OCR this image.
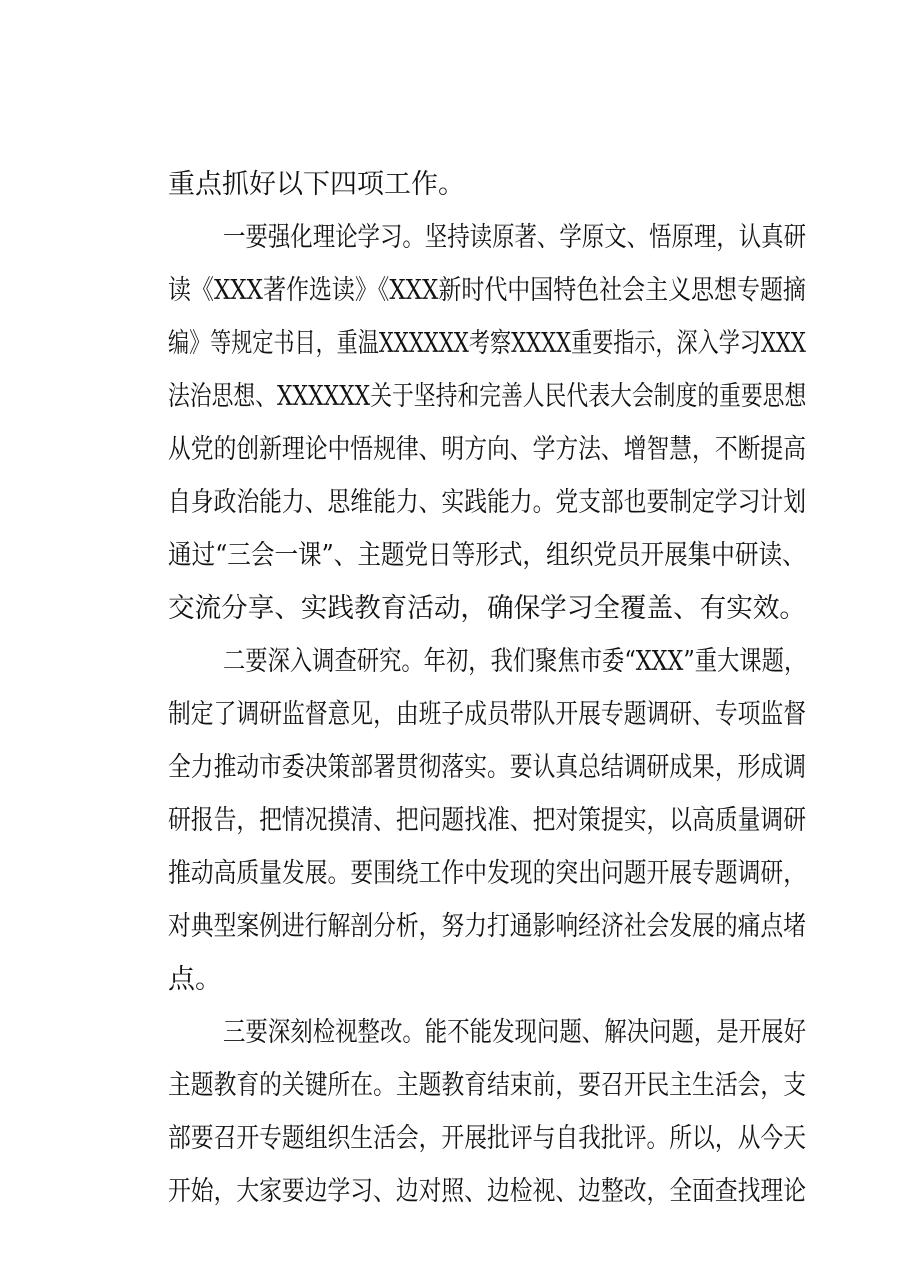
重点抓好以下四项工作。
一要强化理论学习。坚持读原著、学原文、悟原理，认真研
读《XXX著作选读》《XXX新时代中国特色社会主义思想专题摘
编》等规定书目，重温XXXXXX考察XXXX重要指示，深入学习XXX
法治思想、XXXXXX关于坚持和完善人民代表大会制度的重要思想
从党的创新理论中悟规律、明方向、学方法、增智慧，不断提高
自身政治能力、思维能力、实践能力。党支部也要制定学习计划
通过“三会一课”、主题党日等形式，组织党员开展集中研读、
交流分享、实践教育活动，确保学习全覆盖、有实效。
二要深入调查研究。年初，我们聚焦市委“XXX”重大课题，
制定了调研监督意见，由班子成员带队开展专题调研、专项监督
全力推动市委决策部署贯彻落实。要认真总结调研成果，形成调
研报告，把情况摸清、把问题找准、把对策提实，以高质量调研
推动高质量发展。要围绕工作中发现的突出问题开展专题调研，
对典型案例进行解剖分析，努力打通影响经济社会发展的痛点堵
点。
三要深刻检视整改。能不能发现问题、解决问题，是开展好
主题教育的关键所在。主题教育结束前，要召开民主生活会，支
部要召开专题组织生活会，开展批评与自我批评。所以，从今天
开始，大家要边学习、边对照、边检视、边整改，全面查找理论
